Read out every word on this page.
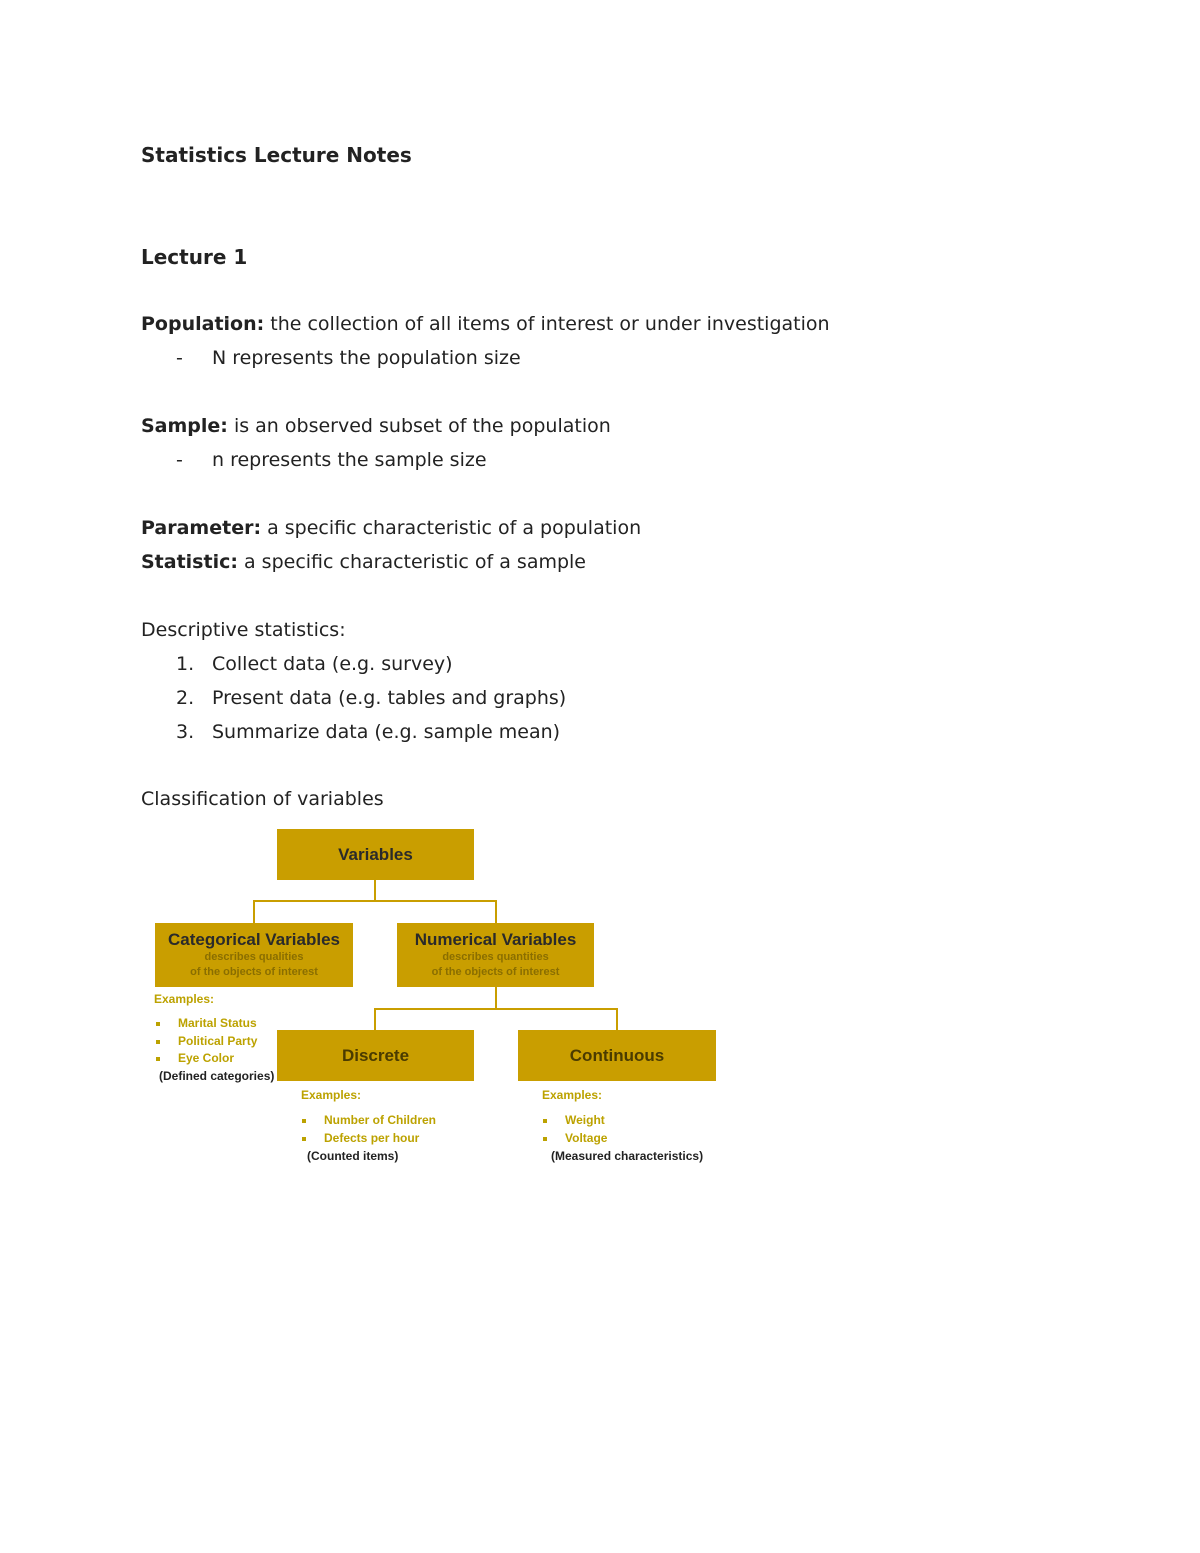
Statistics Lecture Notes
Lecture 1
Population: the collection of all items of interest or under investigation
- N represents the population size
Sample: is an observed subset of the population
- n represents the sample size
Parameter: a specific characteristic of a population
Statistic: a specific characteristic of a sample
Descriptive statistics:
1. Collect data (e.g. survey)
2. Present data (e.g. tables and graphs)
3. Summarize data (e.g. sample mean)
Classification of variables
Variables
Categorical Variables
describes qualities
of the objects of interest
Numerical Variables
describes quantities
of the objects of interest
Examples:
Marital Status
Political Party
Eye Color
(Defined categories)
Discrete
Examples:
Number of Children
Defects per hour
(Counted items)
Continuous
Examples:
Weight
Voltage
(Measured characteristics)
